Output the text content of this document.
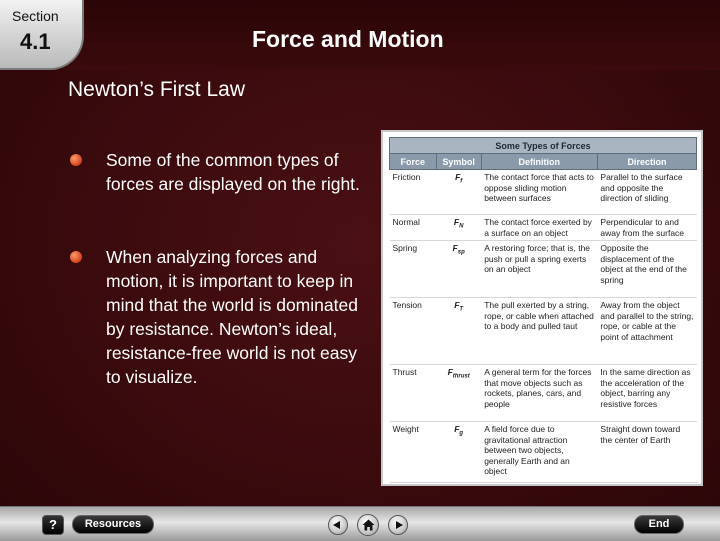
Section
4.1	Force and Motion
Newton’s First Law
Some of the common types of forces are displayed on the right.
When analyzing forces and motion, it is important to keep in mind that the world is dominated by resistance. Newton’s ideal, resistance-free world is not easy to visualize.
Some Types of Forces			
Force	Symbol	Definition	Direction
Friction	$F_f$	The contact force that acts to oppose sliding motion between surfaces	Parallel to the surface and opposite the direction of sliding
Normal	$F_N$	The contact force exerted by a surface on an object	Perpendicular to and away from the surface
Spring	$F_{sp}$	A restoring force; that is, the push or pull a spring exerts on an object	Opposite the displacement of the object at the end of the spring
Tension	$F_T$	The pull exerted by a string, rope, or cable when attached to a body and pulled taut	Away from the object and parallel to the string, rope, or cable at the point of attachment
Thrust	$F_{thrust}$	A general term for the forces that move objects such as rockets, planes, cars, and people	In the same direction as the acceleration of the object, barring any resistive forces
Weight	$F_g$	A field force due to gravitational attraction between two objects, generally Earth and an object	Straight down toward the center of Earth
?	Resources	End
